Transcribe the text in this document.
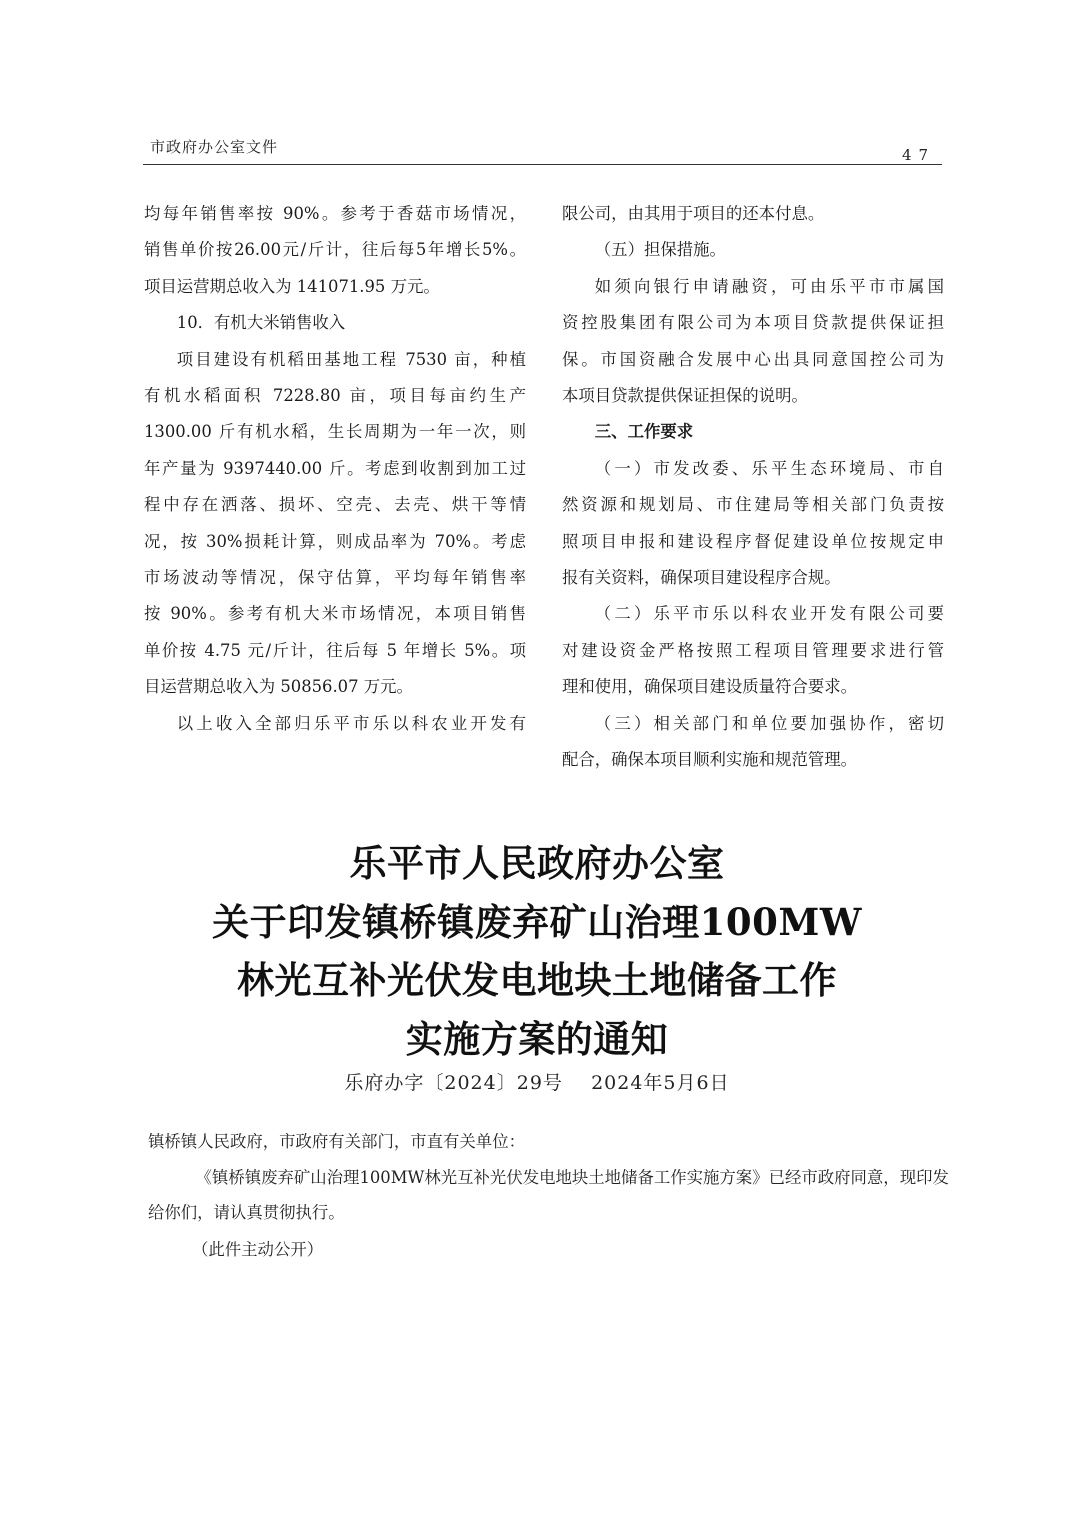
市政府办公室文件	47

均每年销售率按 90%。参考于香菇市场情况，

销售单价按26.00元/斤计，往后每5年增长5%。

项目运营期总收入为 141071.95 万元。

10．有机大米销售收入

项目建设有机稻田基地工程 7530 亩，种植

有机水稻面积 7228.80 亩，项目每亩约生产

1300.00 斤有机水稻，生长周期为一年一次，则

年产量为 9397440.00 斤。考虑到收割到加工过

程中存在洒落、损坏、空壳、去壳、烘干等情

况，按 30%损耗计算，则成品率为 70%。考虑

市场波动等情况，保守估算，平均每年销售率

按 90%。参考有机大米市场情况，本项目销售

单价按 4.75 元/斤计，往后每 5 年增长 5%。项

目运营期总收入为 50856.07 万元。

以上收入全部归乐平市乐以科农业开发有

限公司，由其用于项目的还本付息。

（五）担保措施。

如须向银行申请融资，可由乐平市市属国

资控股集团有限公司为本项目贷款提供保证担

保。市国资融合发展中心出具同意国控公司为

本项目贷款提供保证担保的说明。

三、工作要求

（一）市发改委、乐平生态环境局、市自

然资源和规划局、市住建局等相关部门负责按

照项目申报和建设程序督促建设单位按规定申

报有关资料，确保项目建设程序合规。

（二）乐平市乐以科农业开发有限公司要

对建设资金严格按照工程项目管理要求进行管

理和使用，确保项目建设质量符合要求。

（三）相关部门和单位要加强协作，密切

配合，确保本项目顺利实施和规范管理。

乐平市人民政府办公室
关于印发镇桥镇废弃矿山治理100MW
林光互补光伏发电地块土地储备工作
实施方案的通知
乐府办字〔2024〕29号    2024年5月6日
镇桥镇人民政府，市政府有关部门，市直有关单位：

《镇桥镇废弃矿山治理100MW林光互补光伏发电地块土地储备工作实施方案》已经市政府同意，现印发给你们，请认真贯彻执行。

（此件主动公开）
